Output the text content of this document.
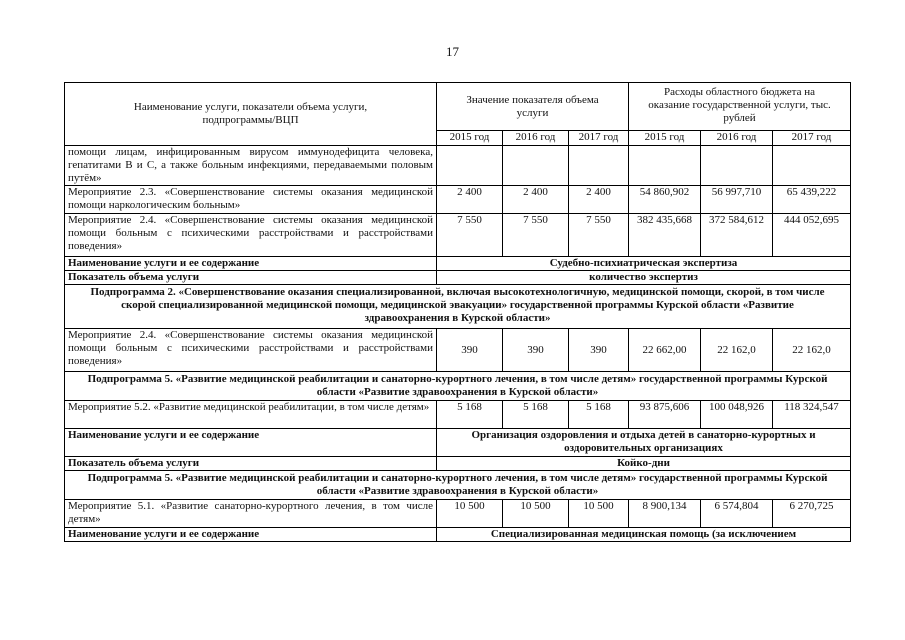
17
Наименование услуги, показатели объема услуги, подпрограммы/ВЦП	Значение показателя объема услуги			Расходы областного бюджета на оказание государственной услуги, тыс. рублей		
	2015 год	2016 год	2017 год	2015 год	2016 год	2017 год
помощи лицам, инфицированным вирусом иммунодефицита человека, гепатитами В и С, а также больным инфекциями, передаваемыми половым путём»						
Мероприятие 2.3. «Совершенствование системы оказания медицинской помощи наркологическим больным»	2 400	2 400	2 400	54 860,902	56 997,710	65 439,222
Мероприятие 2.4. «Совершенствование системы оказания медицинской помощи больным с психическими расстройствами и расстройствами поведения»	7 550	7 550	7 550	382 435,668	372 584,612	444 052,695
Наименование услуги и ее содержание	Судебно-психиатрическая экспертиза					
Показатель объема услуги	количество экспертиз					
Подпрограмма 2. «Совершенствование оказания специализированной, включая высокотехнологичную, медицинской помощи, скорой, в том числе скорой специализированной медицинской помощи, медицинской эвакуации» государственной программы Курской области «Развитие здравоохранения в Курской области»						
Мероприятие 2.4. «Совершенствование системы оказания медицинской помощи больным с психическими расстройствами и расстройствами поведения»	390	390	390	22 662,00	22 162,0	22 162,0
Подпрограмма 5. «Развитие медицинской реабилитации и санаторно-курортного лечения, в том числе детям» государственной программы Курской области «Развитие здравоохранения в Курской области»						
Мероприятие 5.2. «Развитие медицинской реабилитации, в том числе детям»	5 168	5 168	5 168	93 875,606	100 048,926	118 324,547
Наименование услуги и ее содержание	Организация оздоровления и отдыха детей в санаторно-курортных и оздоровительных организациях					
Показатель объема услуги	Койко-дни					
Подпрограмма 5. «Развитие медицинской реабилитации и санаторно-курортного лечения, в том числе детям» государственной программы Курской области «Развитие здравоохранения в Курской области»						
Мероприятие 5.1. «Развитие санаторно-курортного лечения, в том числе детям»	10 500	10 500	10 500	8 900,134	6 574,804	6 270,725
Наименование услуги и ее содержание	Специализированная медицинская помощь (за исключением					
